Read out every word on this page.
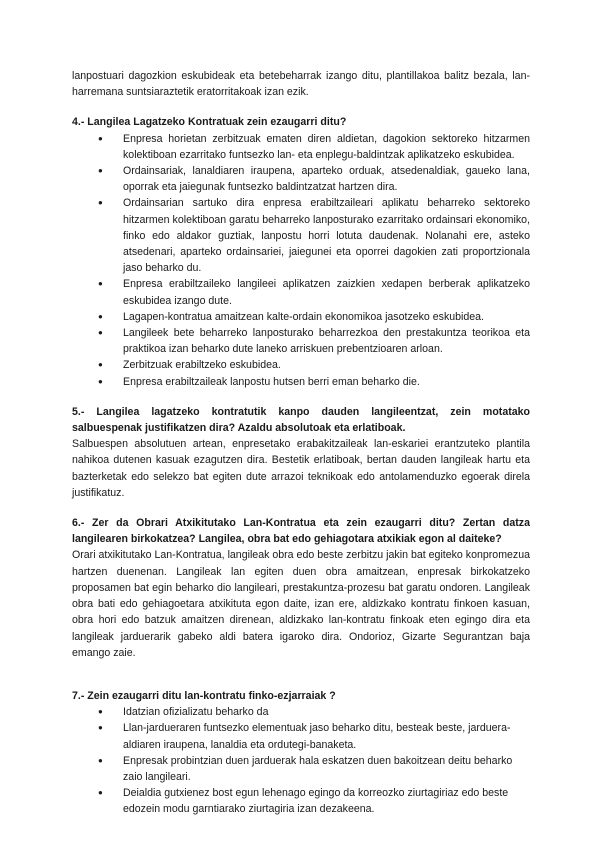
lanpostuari dagozkion eskubideak eta betebeharrak izango ditu, plantillakoa balitz bezala, lan-harremana suntsiaraztetik eratorritakoak izan ezik.

4.- Langilea Lagatzeko Kontratuak zein ezaugarri ditu?

● Enpresa horietan zerbitzuak ematen diren aldietan, dagokion sektoreko hitzarmen kolektiboan ezarritako funtsezko lan- eta enplegu-baldintzak aplikatzeko eskubidea.
● Ordainsariak, lanaldiaren iraupena, aparteko orduak, atsedenaldiak, gaueko lana, oporrak eta jaiegunak funtsezko baldintzatzat hartzen dira.
● Ordainsarian sartuko dira enpresa erabiltzaileari aplikatu beharreko sektoreko hitzarmen kolektiboan garatu beharreko lanposturako ezarritako ordainsari ekonomiko, finko edo aldakor guztiak, lanpostu horri lotuta daudenak. Nolanahi ere, asteko atsedenari, aparteko ordainsariei, jaiegunei eta oporrei dagokien zati proportzionala jaso beharko du.
● Enpresa erabiltzaileko langileei aplikatzen zaizkien xedapen berberak aplikatzeko eskubidea izango dute.
● Lagapen-kontratua amaitzean kalte-ordain ekonomikoa jasotzeko eskubidea.
● Langileek bete beharreko lanposturako beharrezkoa den prestakuntza teorikoa eta praktikoa izan beharko dute laneko arriskuen prebentzioaren arloan.
● Zerbitzuak erabiltzeko eskubidea.
● Enpresa erabiltzaileak lanpostu hutsen berri eman beharko die.

5.- Langilea lagatzeko kontratutik kanpo dauden langileentzat, zein motatako salbuespenak justifikatzen dira? Azaldu absolutoak eta erlatiboak.

Salbuespen absolutuen artean, enpresetako erabakitzaileak lan-eskariei erantzuteko plantila nahikoa dutenen kasuak ezagutzen dira. Bestetik erlatiboak, bertan dauden langileak hartu eta bazterketak edo selekzo bat egiten dute arrazoi teknikoak edo antolamenduzko egoerak direla justifikatuz.

6.- Zer da Obrari Atxikitutako Lan-Kontratua eta zein ezaugarri ditu? Zertan datza langilearen birkokatzea? Langilea, obra bat edo gehiagotara atxikiak egon al daiteke?

Orari atxikitutako Lan-Kontratua, langileak obra edo beste zerbitzu jakin bat egiteko konpromezua hartzen duenenan. Langileak lan egiten duen obra amaitzean, enpresak birkokatzeko proposamen bat egin beharko dio langileari, prestakuntza-prozesu bat garatu ondoren. Langileak obra bati edo gehiagoetara atxikituta egon daite, izan ere, aldizkako kontratu finkoen kasuan, obra hori edo batzuk amaitzen direnean, aldizkako lan-kontratu finkoak eten egingo dira eta langileak jarduerarik gabeko aldi batera igaroko dira. Ondorioz, Gizarte Segurantzan baja emango zaie.

7.- Zein ezaugarri ditu lan-kontratu finko-ezjarraiak ?

● Idatzian ofizializatu beharko da
● Llan-jardueraren funtsezko elementuak jaso beharko ditu, besteak beste, jarduera-aldiaren iraupena, lanaldia eta ordutegi-banaketa.
● Enpresak probintzian duen jarduerak hala eskatzen duen bakoitzean deitu beharko zaio langileari.
● Deialdia gutxienez bost egun lehenago egingo da korreozko ziurtagiriaz edo beste edozein modu garntiarako ziurtagiria izan dezakeena.
